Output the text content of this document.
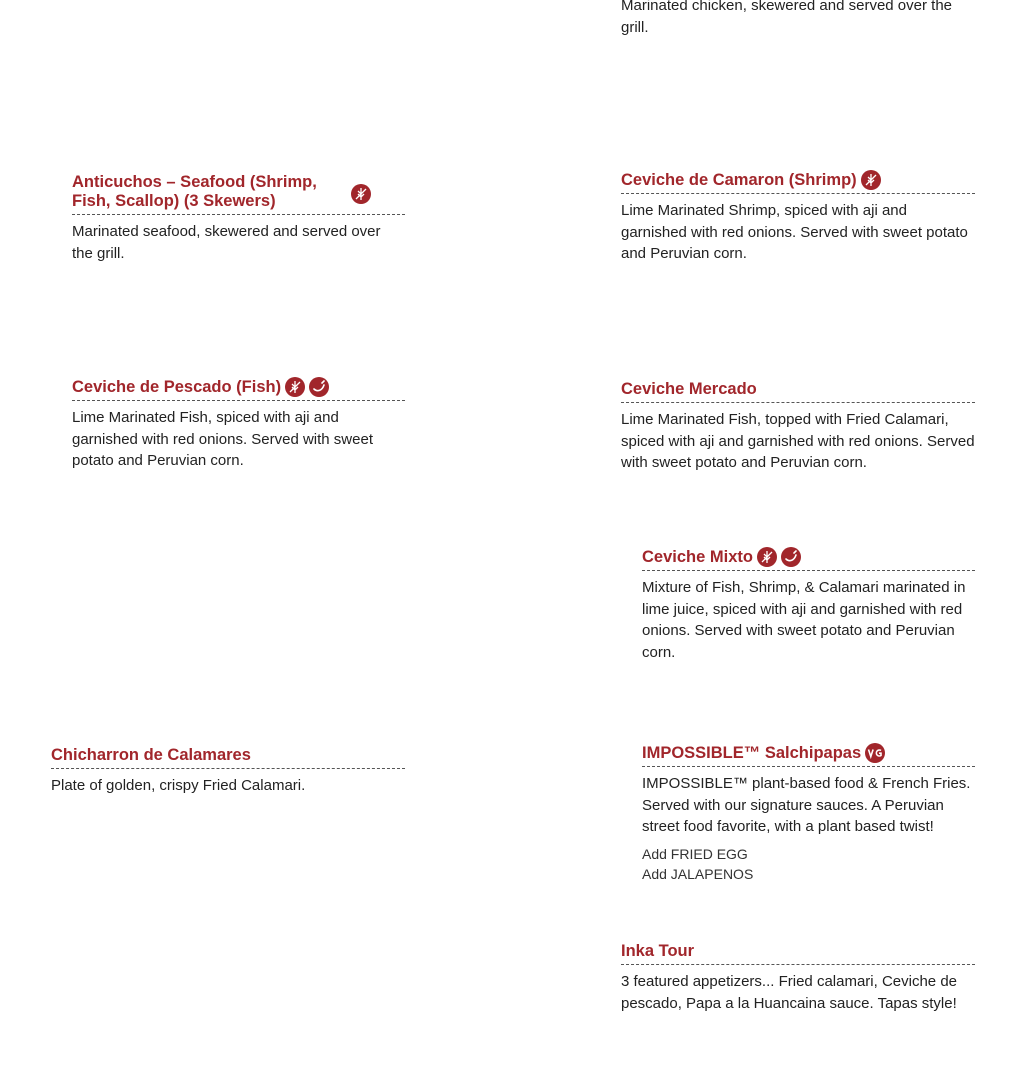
Marinated chicken, skewered and served over the grill.
Anticuchos – Seafood (Shrimp, Fish, Scallop) (3 Skewers)
Marinated seafood, skewered and served over the grill.
Ceviche de Camaron (Shrimp)
Lime Marinated Shrimp, spiced with aji and garnished with red onions. Served with sweet potato and Peruvian corn.
Ceviche de Pescado (Fish)
Lime Marinated Fish, spiced with aji and garnished with red onions. Served with sweet potato and Peruvian corn.
Ceviche Mercado
Lime Marinated Fish, topped with Fried Calamari, spiced with aji and garnished with red onions. Served with sweet potato and Peruvian corn.
Ceviche Mixto
Mixture of Fish, Shrimp, & Calamari marinated in lime juice, spiced with aji and garnished with red onions. Served with sweet potato and Peruvian corn.
Chicharron de Calamares
Plate of golden, crispy Fried Calamari.
IMPOSSIBLE™ Salchipapas
IMPOSSIBLE™ plant-based food & French Fries. Served with our signature sauces. A Peruvian street food favorite, with a plant based twist!
Add FRIED EGG
Add JALAPENOS
Inka Tour
3 featured appetizers... Fried calamari, Ceviche de pescado, Papa a la Huancaina sauce. Tapas style!
